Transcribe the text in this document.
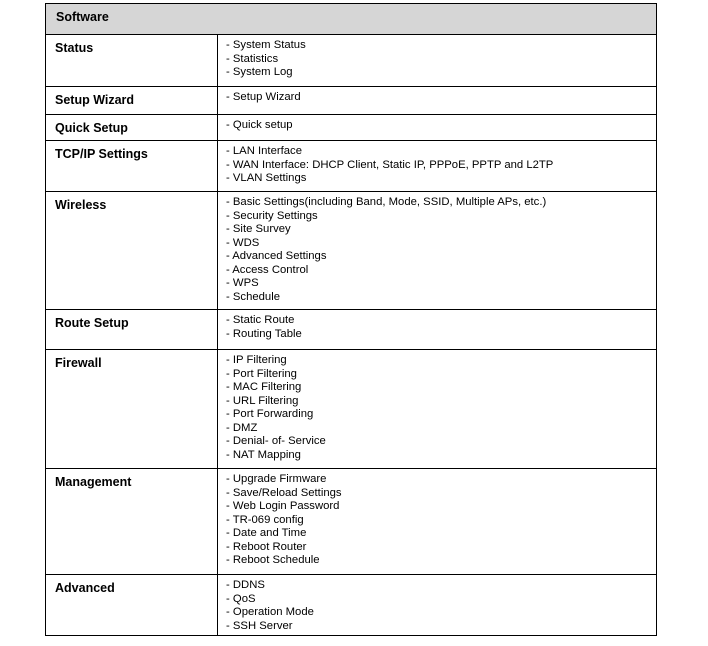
Software
Status	- System Status
- Statistics
- System Log
Setup Wizard	- Setup Wizard
Quick Setup	- Quick setup
TCP/IP Settings	- LAN Interface
- WAN Interface: DHCP Client, Static IP, PPPoE, PPTP and L2TP
- VLAN Settings
Wireless	- Basic Settings(including Band, Mode, SSID, Multiple APs, etc.)
- Security Settings
- Site Survey
- WDS
- Advanced Settings
- Access Control
- WPS
- Schedule
Route Setup	- Static Route
- Routing Table
Firewall	- IP Filtering
- Port Filtering
- MAC Filtering
- URL Filtering
- Port Forwarding
- DMZ
- Denial- of- Service
- NAT Mapping
Management	- Upgrade Firmware
- Save/Reload Settings
- Web Login Password
- TR-069 config
- Date and Time
- Reboot Router
- Reboot Schedule
Advanced	- DDNS
- QoS
- Operation Mode
- SSH Server
